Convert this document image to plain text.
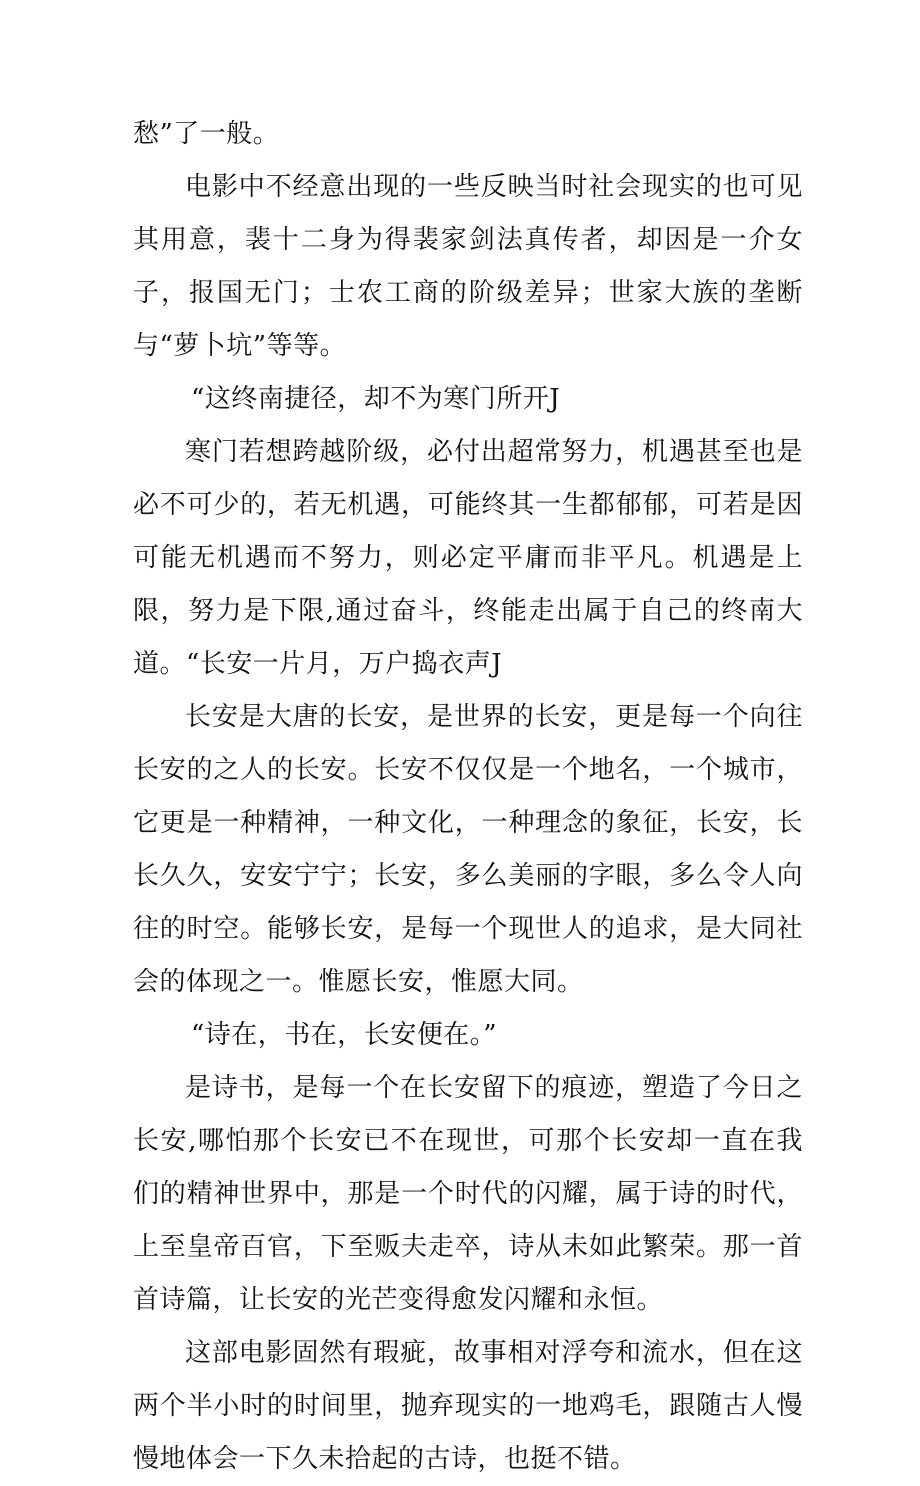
愁”了一般。

电影中不经意出现的一些反映当时社会现实的也可见其用意，裴十二身为得裴家剑法真传者，却因是一介女子，报国无门；士农工商的阶级差异；世家大族的垄断与“萝卜坑”等等。

“这终南捷径，却不为寒门所开J

寒门若想跨越阶级，必付出超常努力，机遇甚至也是必不可少的，若无机遇，可能终其一生都郁郁，可若是因可能无机遇而不努力，则必定平庸而非平凡。机遇是上限，努力是下限,通过奋斗，终能走出属于自己的终南大道。“长安一片月，万户捣衣声J

长安是大唐的长安，是世界的长安，更是每一个向往长安的之人的长安。长安不仅仅是一个地名，一个城市，它更是一种精神，一种文化，一种理念的象征，长安，长长久久，安安宁宁；长安，多么美丽的字眼，多么令人向往的时空。能够长安，是每一个现世人的追求，是大同社会的体现之一。惟愿长安，惟愿大同。

“诗在，书在，长安便在。”

是诗书，是每一个在长安留下的痕迹，塑造了今日之长安,哪怕那个长安已不在现世，可那个长安却一直在我们的精神世界中，那是一个时代的闪耀，属于诗的时代，上至皇帝百官，下至贩夫走卒，诗从未如此繁荣。那一首首诗篇，让长安的光芒变得愈发闪耀和永恒。

这部电影固然有瑕疵，故事相对浮夸和流水，但在这两个半小时的时间里，抛弃现实的一地鸡毛，跟随古人慢慢地体会一下久未拾起的古诗，也挺不错。
